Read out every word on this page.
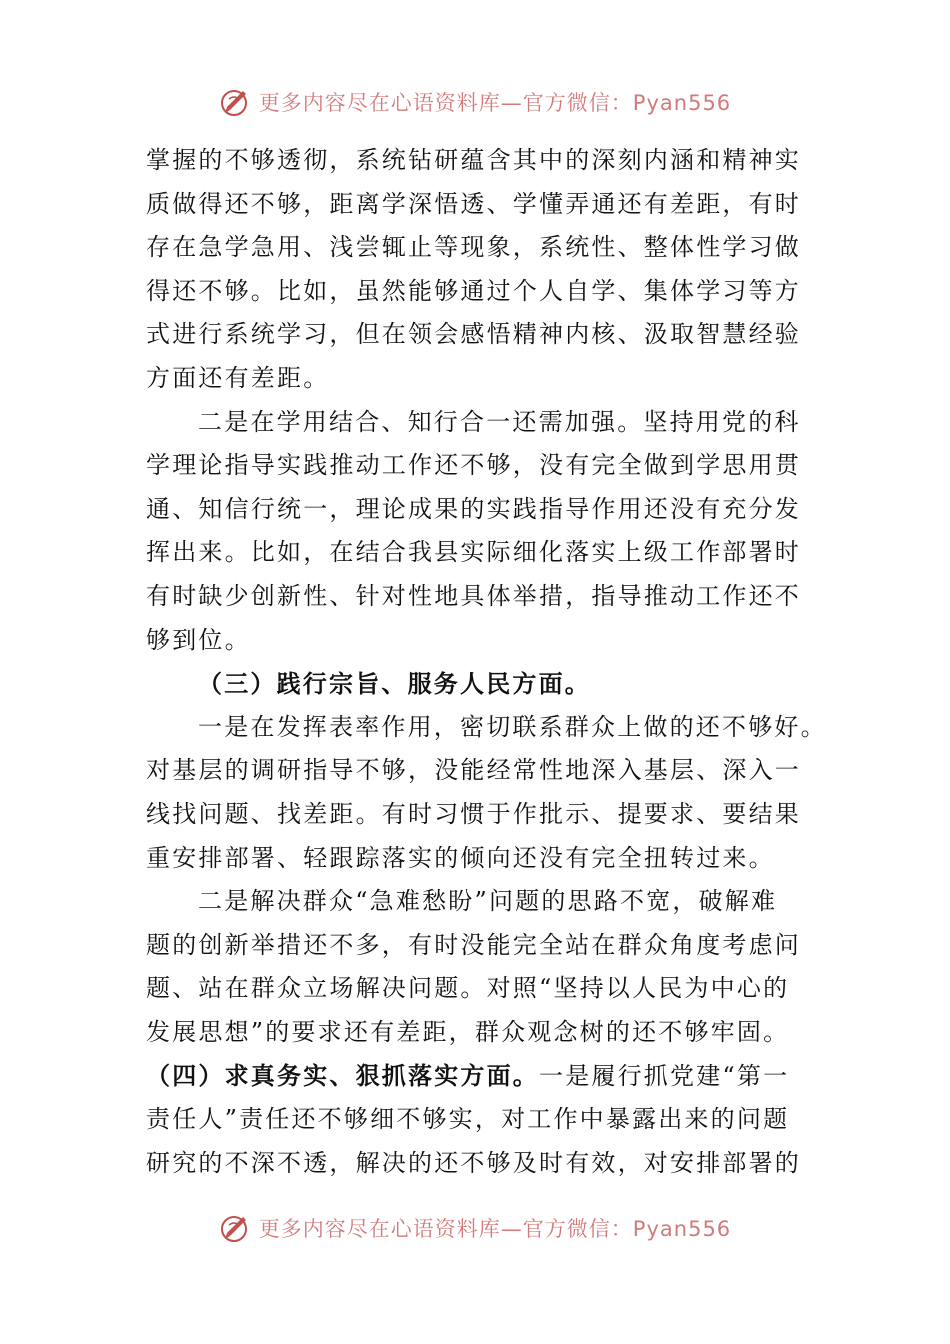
更多内容尽在心语资料库—官方微信：Pyan556
掌握的不够透彻，系统钻研蕴含其中的深刻内涵和精神实
质做得还不够，距离学深悟透、学懂弄通还有差距，有时
存在急学急用、浅尝辄止等现象，系统性、整体性学习做
得还不够。比如，虽然能够通过个人自学、集体学习等方
式进行系统学习，但在领会感悟精神内核、汲取智慧经验
方面还有差距。
二是在学用结合、知行合一还需加强。坚持用党的科
学理论指导实践推动工作还不够，没有完全做到学思用贯
通、知信行统一，理论成果的实践指导作用还没有充分发
挥出来。比如，在结合我县实际细化落实上级工作部署时
有时缺少创新性、针对性地具体举措，指导推动工作还不
够到位。
（三）践行宗旨、服务人民方面。
一是在发挥表率作用，密切联系群众上做的还不够好。
对基层的调研指导不够，没能经常性地深入基层、深入一
线找问题、找差距。有时习惯于作批示、提要求、要结果
重安排部署、轻跟踪落实的倾向还没有完全扭转过来。
二是解决群众“急难愁盼”问题的思路不宽，破解难
题的创新举措还不多，有时没能完全站在群众角度考虑问
题、站在群众立场解决问题。对照“坚持以人民为中心的
发展思想”的要求还有差距，群众观念树的还不够牢固。
（四）求真务实、狠抓落实方面。一是履行抓党建“第一
责任人”责任还不够细不够实，对工作中暴露出来的问题
研究的不深不透，解决的还不够及时有效，对安排部署的
更多内容尽在心语资料库—官方微信：Pyan556
